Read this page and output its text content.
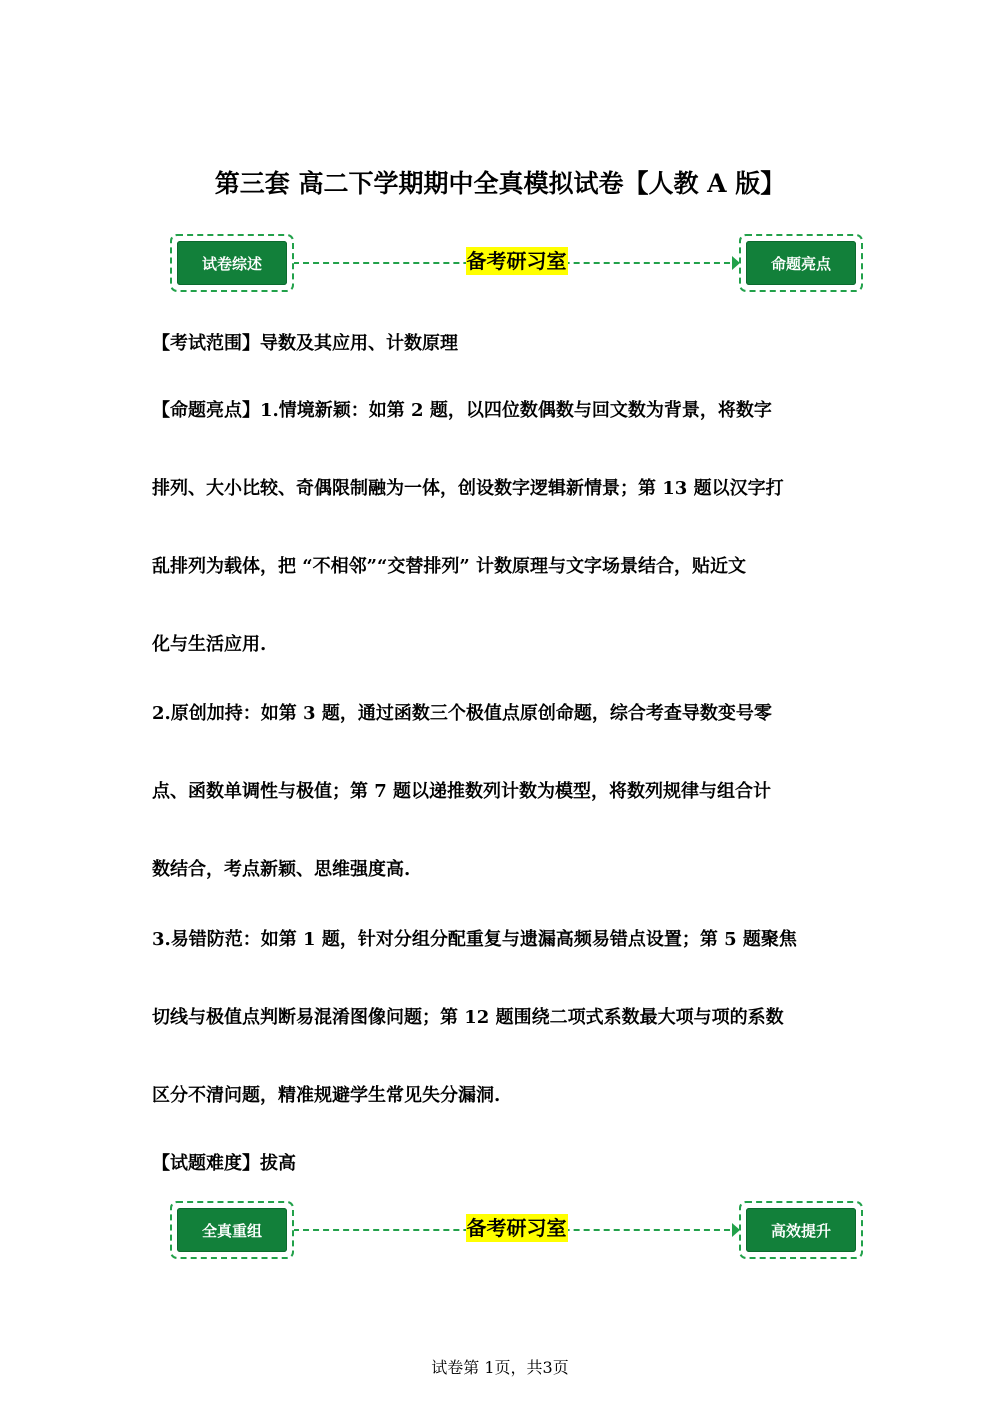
第三套 高二下学期期中全真模拟试卷【人教 A 版】
试卷综述	备考研习室	命题亮点

【考试范围】导数及其应用、计数原理

【命题亮点】1.情境新颖：如第 2 题，以四位数偶数与回文数为背景，将数字
排列、大小比较、奇偶限制融为一体，创设数字逻辑新情景；第 13 题以汉字打
乱排列为载体，把 “不相邻”“交替排列” 计数原理与文字场景结合，贴近文
化与生活应用.

2.原创加持：如第 3 题，通过函数三个极值点原创命题，综合考查导数变号零
点、函数单调性与极值；第 7 题以递推数列计数为模型，将数列规律与组合计
数结合，考点新颖、思维强度高.

3.易错防范：如第 1 题，针对分组分配重复与遗漏高频易错点设置；第 5 题聚焦
切线与极值点判断易混淆图像问题；第 12 题围绕二项式系数最大项与项的系数
区分不清问题，精准规避学生常见失分漏洞.

【试题难度】拔高

全真重组	备考研习室	高效提升
试卷第 1页，共3页
